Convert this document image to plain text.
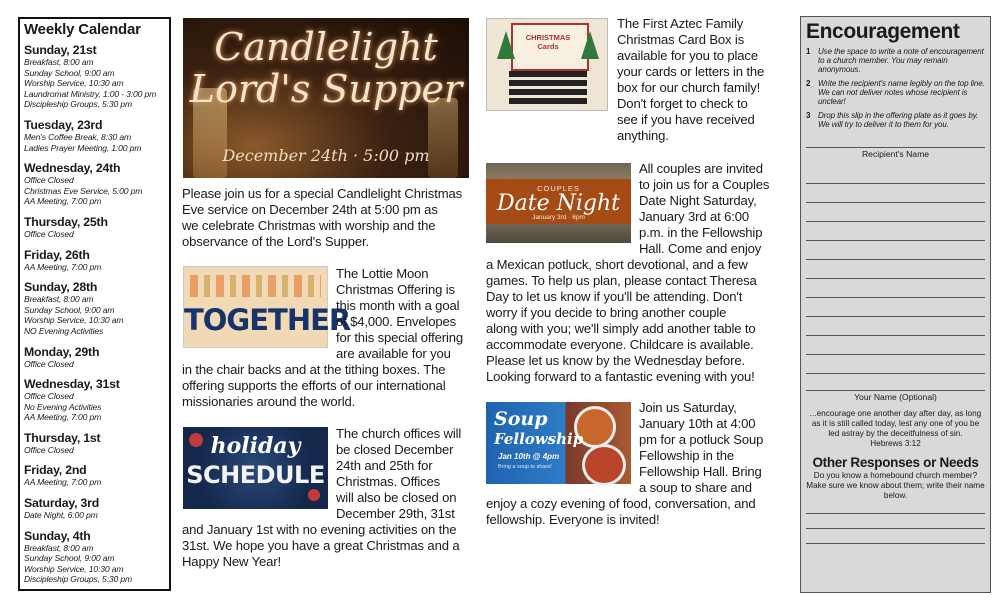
Weekly Calendar
Sunday, 21st
Breakfast, 8:00 am
Sunday School, 9:00 am
Worship Service, 10:30 am
Laundromat Ministry, 1:00 - 3:00 pm
Discipleship Groups, 5:30 pm
Tuesday, 23rd
Men's Coffee Break, 8:30 am
Ladies Prayer Meeting, 1:00 pm
Wednesday, 24th
Office Closed
Christmas Eve Service, 5:00 pm
AA Meeting, 7:00 pm
Thursday, 25th
Office Closed
Friday, 26th
AA Meeting, 7:00 pm
Sunday, 28th
Breakfast, 8:00 am
Sunday School, 9:00 am
Worship Service, 10:30 am
NO Evening Activities
Monday, 29th
Office Closed
Wednesday, 31st
Office Closed
No Evening Activities
AA Meeting, 7:00 pm
Thursday, 1st
Office Closed
Friday, 2nd
AA Meeting, 7:00 pm
Saturday, 3rd
Date Night, 6:00 pm
Sunday, 4th
Breakfast, 8:00 am
Sunday School, 9:00 am
Worship Service, 10:30 am
Discipleship Groups, 5:30 pm
Candlelight
Lord's Supper
December 24th · 5:00 pm
Please join us for a special Candlelight Christmas
Eve service on December 24th at 5:00 pm as
we celebrate Christmas with worship and the
observance of the Lord's Supper.
TOGETHER
The Lottie Moon
Christmas Offering is
this month with a goal
of $4,000. Envelopes
for this special offering
are available for you
in the chair backs and at the tithing boxes. The
offering supports the efforts of our international
missionaries around the world.
holiday
SCHEDULE
The church offices will
be closed December
24th and 25th for
Christmas. Offices
will also be closed on
December 29th, 31st
and January 1st with no evening activities on the
31st. We hope you have a great Christmas and a
Happy New Year!
CHRISTMAS Cards
The First Aztec Family
Christmas Card Box is
available for you to place
your cards or letters in the
box for our church family!
Don't forget to check to
see if you have received
anything.
COUPLES
Date Night
January 3rd · 6pm
All couples are invited
to join us for a Couples
Date Night Saturday,
January 3rd at 6:00
p.m. in the Fellowship
Hall. Come and enjoy
a Mexican potluck, short devotional, and a few
games. To help us plan, please contact Theresa
Day to let us know if you'll be attending. Don't
worry if you decide to bring another couple
along with you; we'll simply add another table to
accommodate everyone. Childcare is available.
Please let us know by the Wednesday before.
Looking forward to a fantastic evening with you!
Soup
Fellowship
Jan 10th @ 4pm
Bring a soup to share!
Join us Saturday,
January 10th at 4:00
pm for a potluck Soup
Fellowship in the
Fellowship Hall. Bring
a soup to share and
enjoy a cozy evening of food, conversation, and
fellowship. Everyone is invited!
Encouragement
1 Use the space to write a note of encouragement to a church member. You may remain anonymous.
2 Write the recipient's name legibly on the top line. We can not deliver notes whose recipient is unclear!
3 Drop this slip in the offering plate as it goes by. We will try to deliver it to them for you.
Recipient's Name
Your Name (Optional)
...encourage one another day after day, as long as it is still called today, lest any one of you be led astray by the deceitfulness of sin.
Hebrews 3:12
Other Responses or Needs
Do you know a homebound church member? Make sure we know about them; write their name below.
